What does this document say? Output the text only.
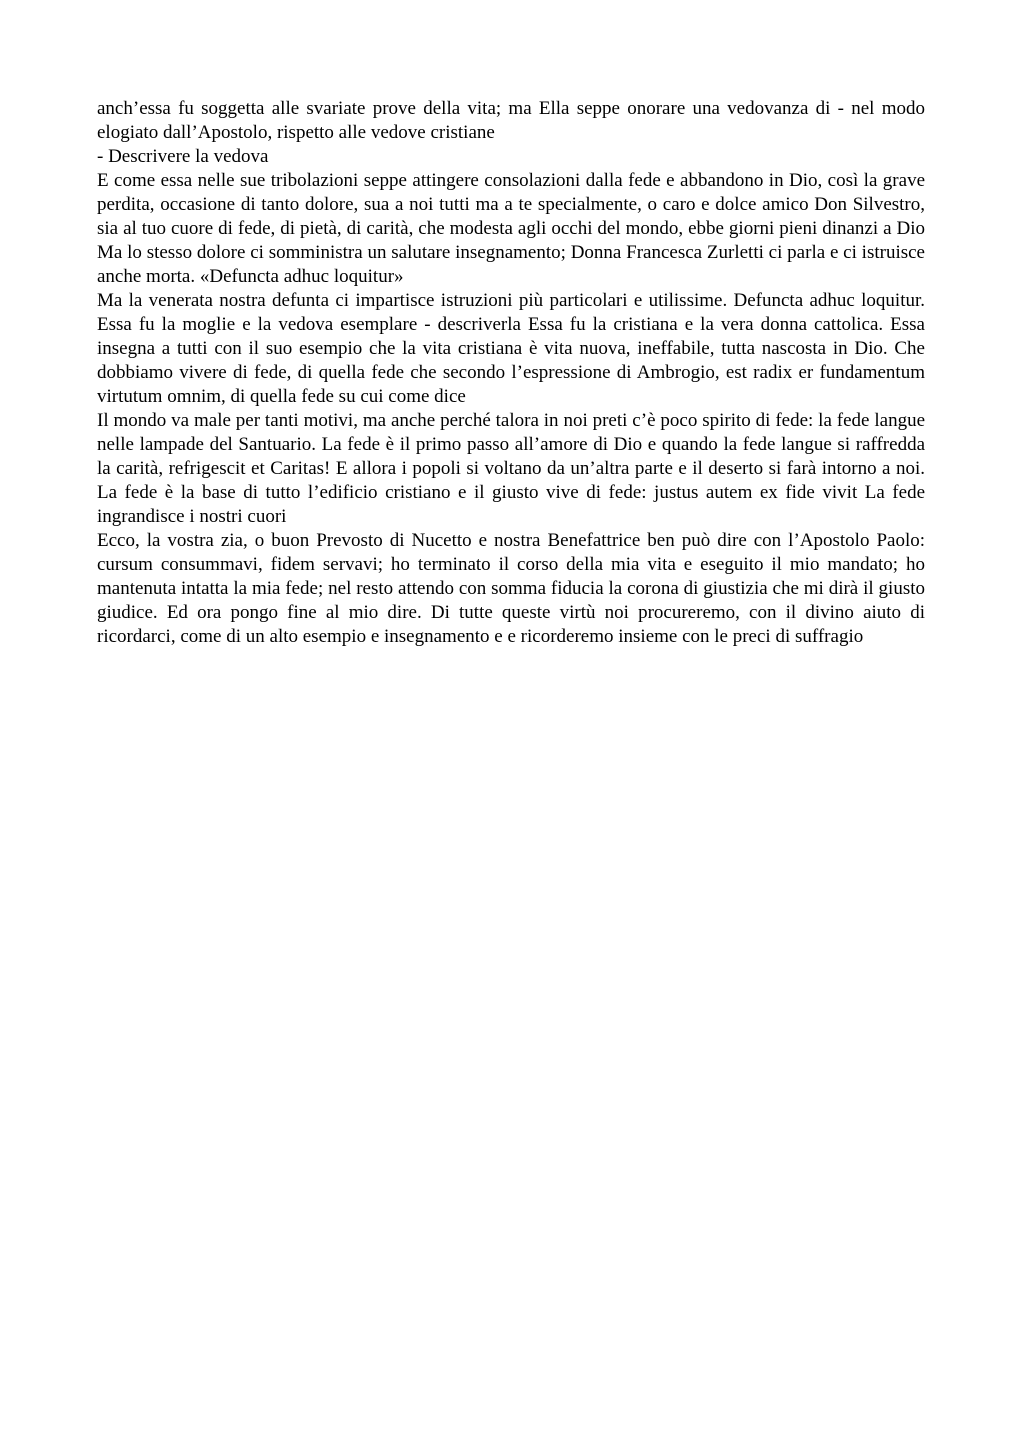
anch’essa fu soggetta alle svariate prove della vita; ma Ella seppe onorare una vedovanza di - nel modo elogiato dall’Apostolo, rispetto alle vedove cristiane

- Descrivere la vedova

E come essa nelle sue tribolazioni seppe attingere consolazioni dalla fede e abbandono in Dio, così la grave perdita, occasione di tanto dolore, sua a noi tutti ma a te specialmente, o caro e dolce amico Don Silvestro, sia al tuo cuore di fede, di pietà, di carità, che modesta agli occhi del mondo, ebbe giorni pieni dinanzi a Dio Ma lo stesso dolore ci somministra un salutare insegnamento; Donna Francesca Zurletti ci parla e ci istruisce anche morta. «Defuncta adhuc loquitur»

Ma la venerata nostra defunta ci impartisce istruzioni più particolari e utilissime. Defuncta adhuc loquitur. Essa fu la moglie e la vedova esemplare - descriverla Essa fu la cristiana e la vera donna cattolica. Essa insegna a tutti con il suo esempio che la vita cristiana è vita nuova, ineffabile, tutta nascosta in Dio. Che dobbiamo vivere di fede, di quella fede che secondo l’espressione di Ambrogio, est radix er fundamentum virtutum omnim, di quella fede su cui come dice

Il mondo va male per tanti motivi, ma anche perché talora in noi preti c’è poco spirito di fede: la fede langue nelle lampade del Santuario. La fede è il primo passo all’amore di Dio e quando la fede langue si raffredda la carità, refrigescit et Caritas! E allora i popoli si voltano da un’altra parte e il deserto si farà intorno a noi. La fede è la base di tutto l’edificio cristiano e il giusto vive di fede: justus autem ex fide vivit La fede ingrandisce i nostri cuori

Ecco, la vostra zia, o buon Prevosto di Nucetto e nostra Benefattrice ben può dire con l’Apostolo Paolo: cursum consummavi, fidem servavi; ho terminato il corso della mia vita e eseguito il mio mandato; ho mantenuta intatta la mia fede; nel resto attendo con somma fiducia la corona di giustizia che mi dirà il giusto giudice. Ed ora pongo fine al mio dire. Di tutte queste virtù noi procureremo, con il divino aiuto di ricordarci, come di un alto esempio e insegnamento e e ricorderemo insieme con le preci di suffragio
